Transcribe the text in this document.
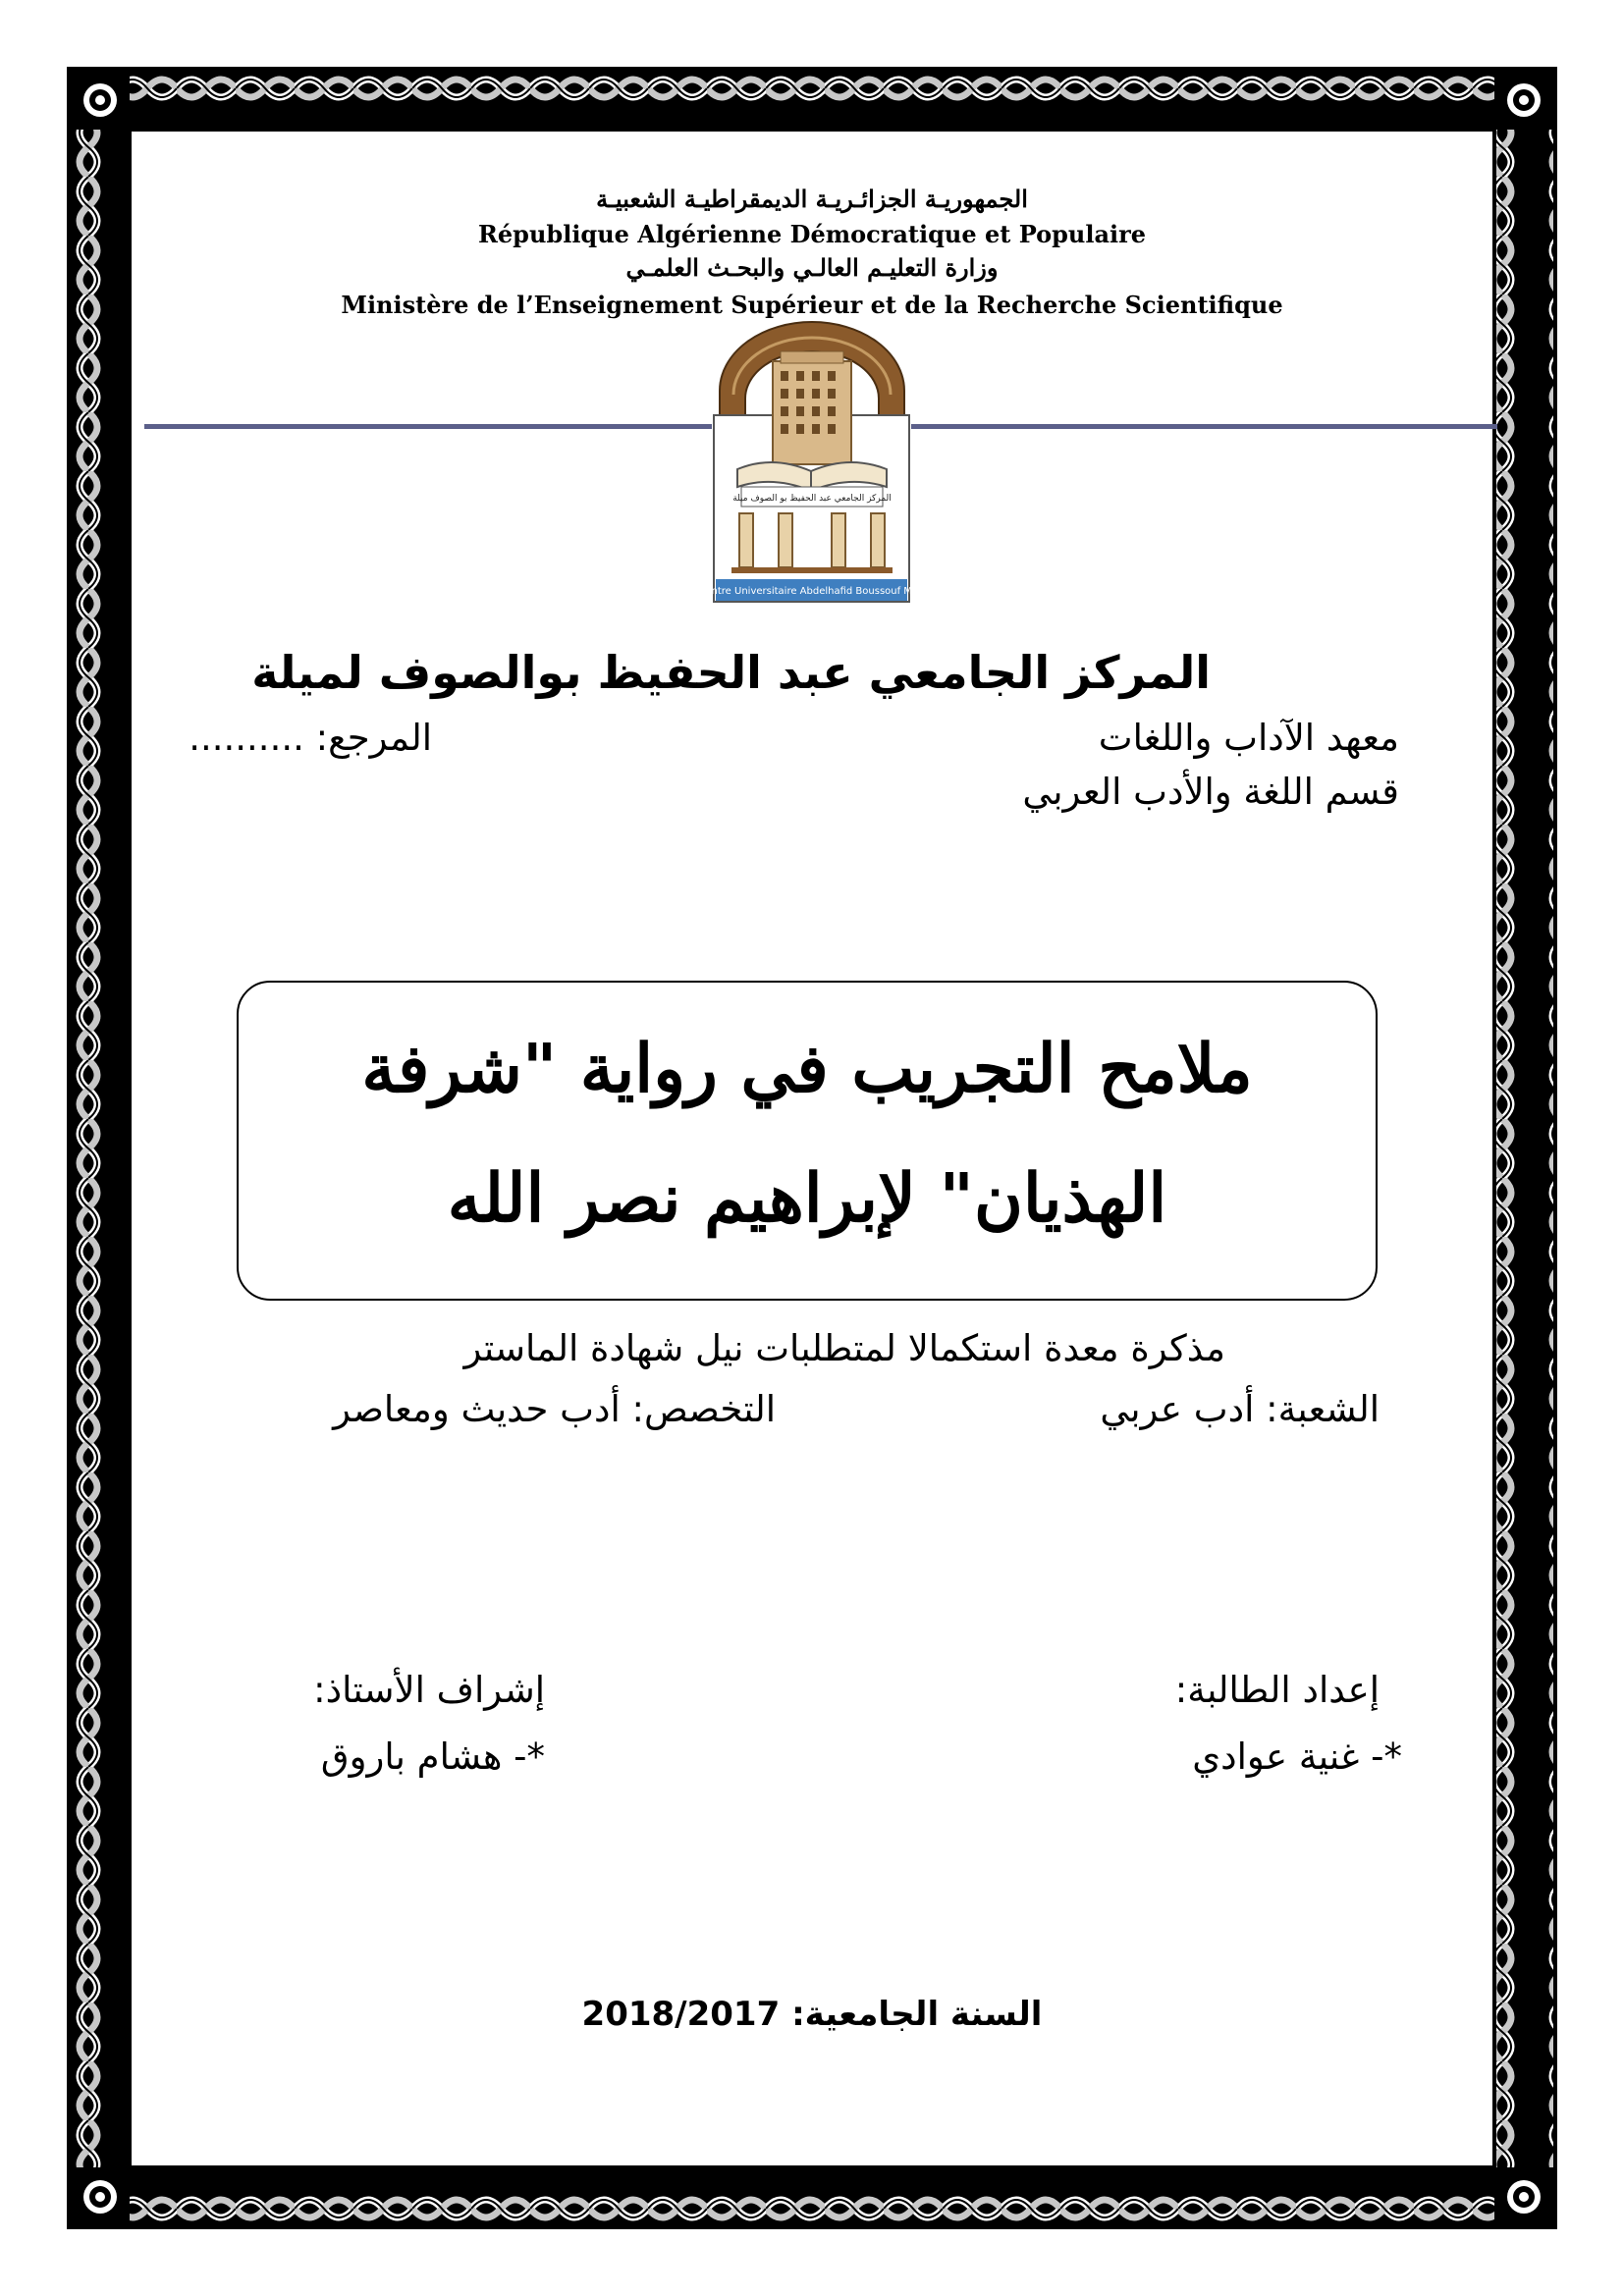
الجمهوريـة الجزائـريـة الديمقراطيـة الشعبيـة
République Algérienne Démocratique et Populaire
وزارة التعليـم العالـي والبحـث العلمـي
Ministère de l’Enseignement Supérieur et de la Recherche Scientifique
المركز الجامعي عبد الحفيظ بو الصوف ميلة
Centre Universitaire Abdelhafid Boussouf Mila
المركز الجامعي عبد الحفيظ بوالصوف لميلة
معهد الآداب واللغات
المرجع: ..........
قسم اللغة والأدب العربي
ملامح التجريب في رواية "شرفة
الهذيان" لإبراهيم نصر الله
مذكرة معدة استكمالا لمتطلبات نيل شهادة الماستر
الشعبة: أدب عربي
التخصص: أدب حديث ومعاصر
إعداد الطالبة:
*- غنية عوادي
إشراف الأستاذ:
*- هشام باروق
السنة الجامعية: 2018/2017
